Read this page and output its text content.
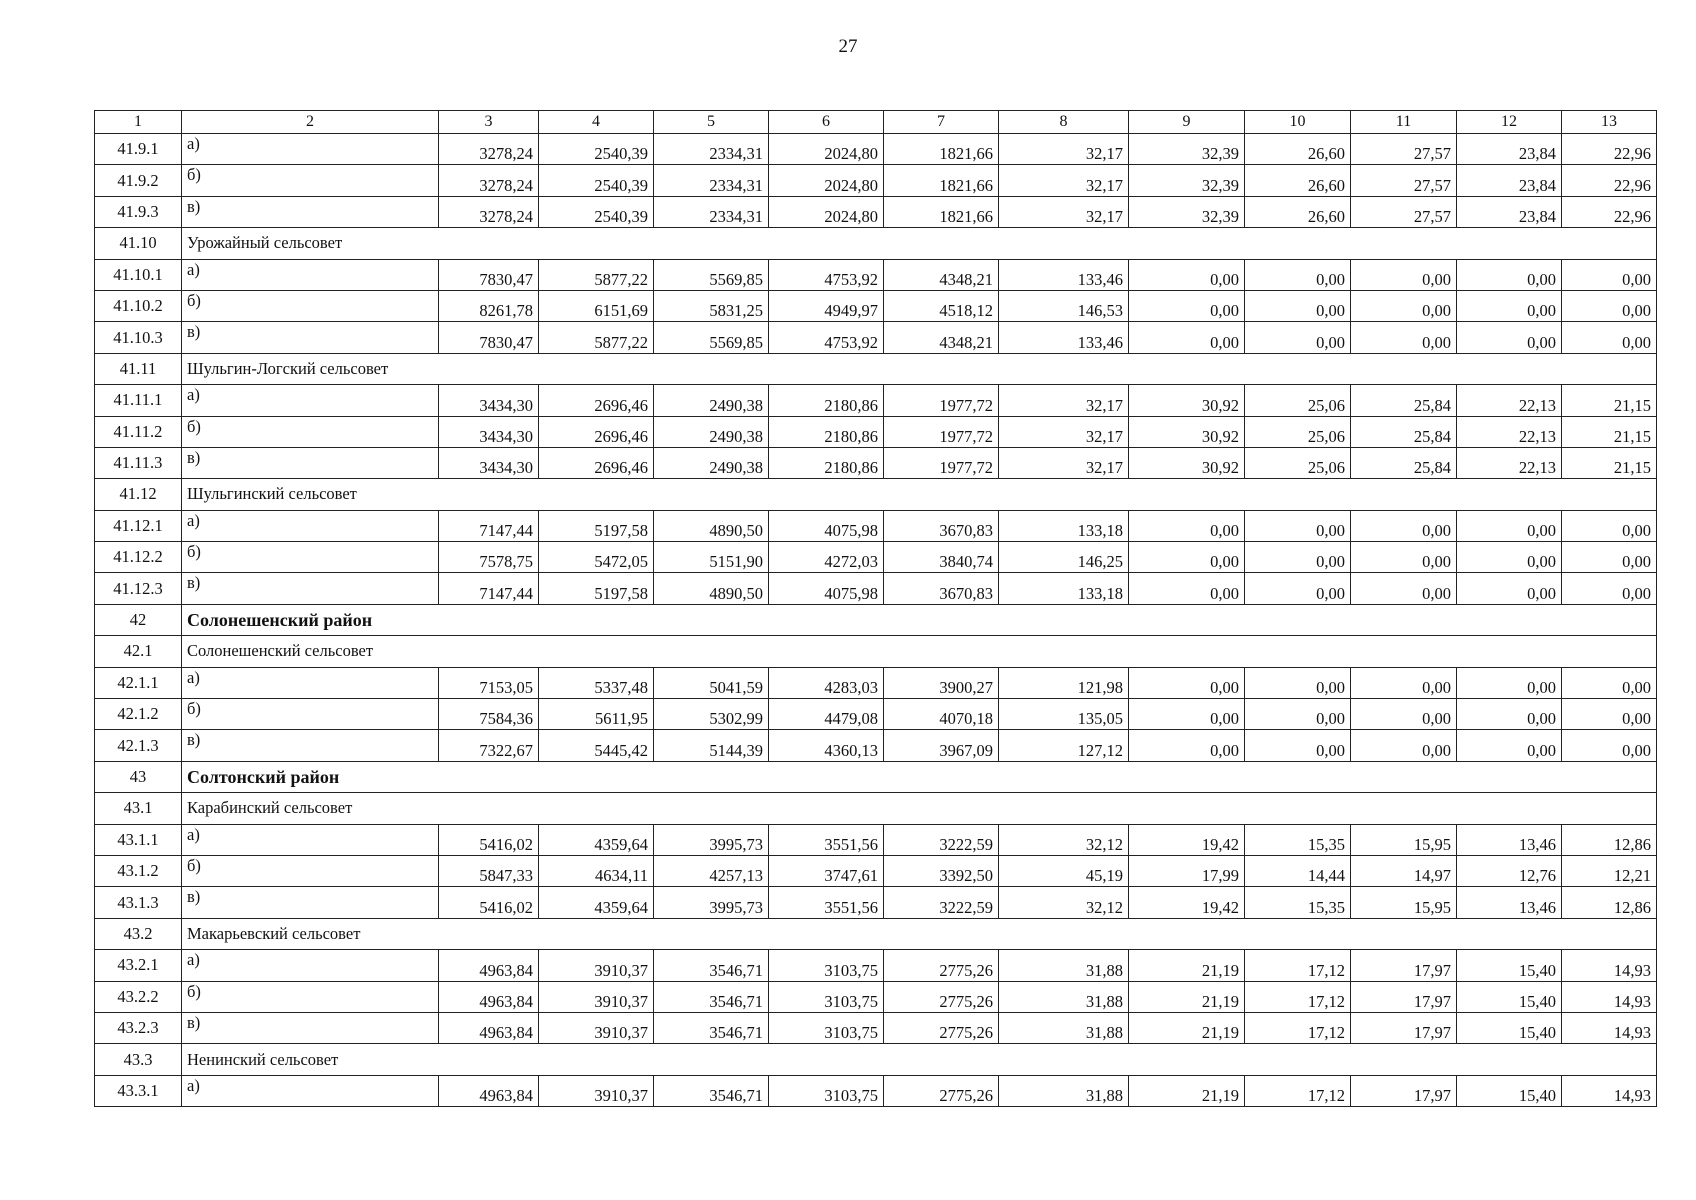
27
1	2	3	4	5	6	7	8	9	10	11	12	13
41.9.1	а)	3278,24	2540,39	2334,31	2024,80	1821,66	32,17	32,39	26,60	27,57	23,84	22,96
41.9.2	б)	3278,24	2540,39	2334,31	2024,80	1821,66	32,17	32,39	26,60	27,57	23,84	22,96
41.9.3	в)	3278,24	2540,39	2334,31	2024,80	1821,66	32,17	32,39	26,60	27,57	23,84	22,96
41.10	Урожайный сельсовет											
41.10.1	а)	7830,47	5877,22	5569,85	4753,92	4348,21	133,46	0,00	0,00	0,00	0,00	0,00
41.10.2	б)	8261,78	6151,69	5831,25	4949,97	4518,12	146,53	0,00	0,00	0,00	0,00	0,00
41.10.3	в)	7830,47	5877,22	5569,85	4753,92	4348,21	133,46	0,00	0,00	0,00	0,00	0,00
41.11	Шульгин-Логский сельсовет											
41.11.1	а)	3434,30	2696,46	2490,38	2180,86	1977,72	32,17	30,92	25,06	25,84	22,13	21,15
41.11.2	б)	3434,30	2696,46	2490,38	2180,86	1977,72	32,17	30,92	25,06	25,84	22,13	21,15
41.11.3	в)	3434,30	2696,46	2490,38	2180,86	1977,72	32,17	30,92	25,06	25,84	22,13	21,15
41.12	Шульгинский сельсовет											
41.12.1	а)	7147,44	5197,58	4890,50	4075,98	3670,83	133,18	0,00	0,00	0,00	0,00	0,00
41.12.2	б)	7578,75	5472,05	5151,90	4272,03	3840,74	146,25	0,00	0,00	0,00	0,00	0,00
41.12.3	в)	7147,44	5197,58	4890,50	4075,98	3670,83	133,18	0,00	0,00	0,00	0,00	0,00
42	Солонешенский район											
42.1	Солонешенский сельсовет											
42.1.1	а)	7153,05	5337,48	5041,59	4283,03	3900,27	121,98	0,00	0,00	0,00	0,00	0,00
42.1.2	б)	7584,36	5611,95	5302,99	4479,08	4070,18	135,05	0,00	0,00	0,00	0,00	0,00
42.1.3	в)	7322,67	5445,42	5144,39	4360,13	3967,09	127,12	0,00	0,00	0,00	0,00	0,00
43	Солтонский район											
43.1	Карабинский сельсовет											
43.1.1	а)	5416,02	4359,64	3995,73	3551,56	3222,59	32,12	19,42	15,35	15,95	13,46	12,86
43.1.2	б)	5847,33	4634,11	4257,13	3747,61	3392,50	45,19	17,99	14,44	14,97	12,76	12,21
43.1.3	в)	5416,02	4359,64	3995,73	3551,56	3222,59	32,12	19,42	15,35	15,95	13,46	12,86
43.2	Макарьевский сельсовет											
43.2.1	а)	4963,84	3910,37	3546,71	3103,75	2775,26	31,88	21,19	17,12	17,97	15,40	14,93
43.2.2	б)	4963,84	3910,37	3546,71	3103,75	2775,26	31,88	21,19	17,12	17,97	15,40	14,93
43.2.3	в)	4963,84	3910,37	3546,71	3103,75	2775,26	31,88	21,19	17,12	17,97	15,40	14,93
43.3	Ненинский сельсовет											
43.3.1	а)	4963,84	3910,37	3546,71	3103,75	2775,26	31,88	21,19	17,12	17,97	15,40	14,93
